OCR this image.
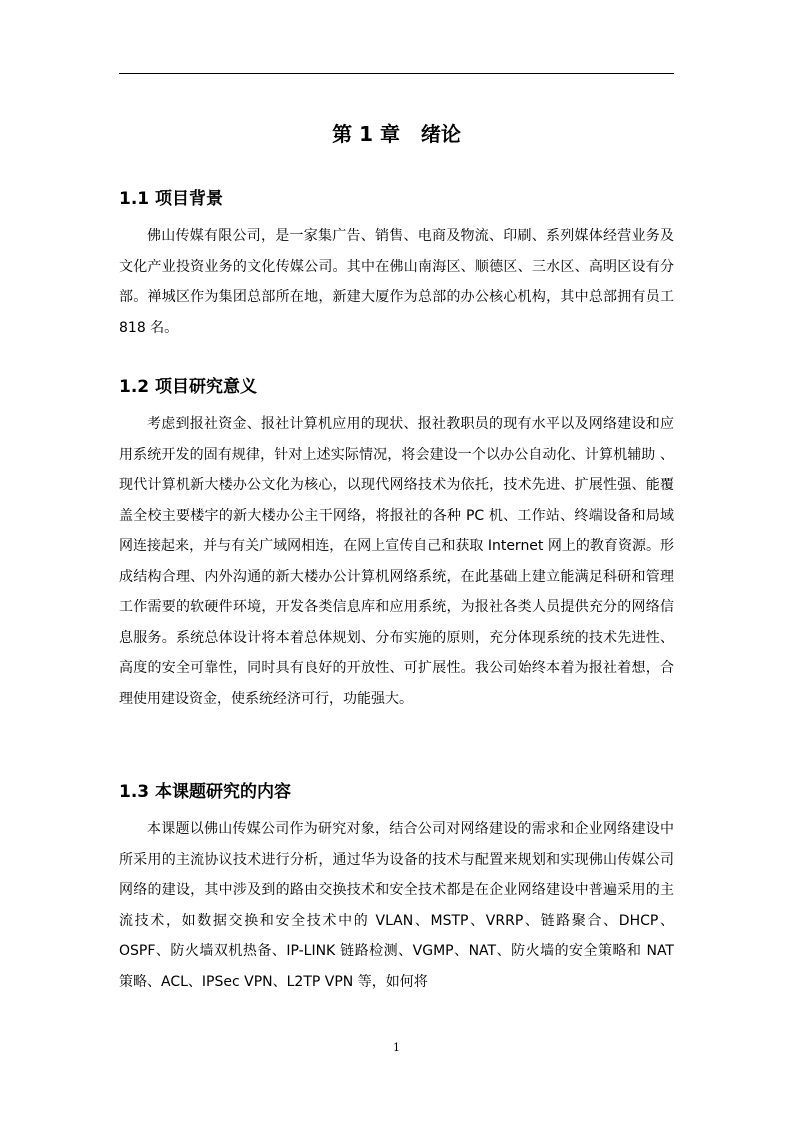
第 1 章   绪论
1.1 项目背景

佛山传媒有限公司，是一家集广告、销售、电商及物流、印刷、系列媒体经营业务及文化产业投资业务的文化传媒公司。其中在佛山南海区、顺德区、三水区、高明区设有分部。禅城区作为集团总部所在地，新建大厦作为总部的办公核心机构，其中总部拥有员工 818 名。

1.2 项目研究意义

考虑到报社资金、报社计算机应用的现状、报社教职员的现有水平以及网络建设和应用系统开发的固有规律，针对上述实际情况，将会建设一个以办公自动化、计算机辅助 、现代计算机新大楼办公文化为核心，以现代网络技术为依托，技术先进、扩展性强、能覆盖全校主要楼宇的新大楼办公主干网络，将报社的各种 PC 机、工作站、终端设备和局域网连接起来，并与有关广域网相连，在网上宣传自己和获取 Internet 网上的教育资源。形成结构合理、内外沟通的新大楼办公计算机网络系统，在此基础上建立能满足科研和管理工作需要的软硬件环境，开发各类信息库和应用系统，为报社各类人员提供充分的网络信息服务。系统总体设计将本着总体规划、分布实施的原则，充分体现系统的技术先进性、高度的安全可靠性，同时具有良好的开放性、可扩展性。我公司始终本着为报社着想，合理使用建设资金，使系统经济可行，功能强大。

1.3 本课题研究的内容

本课题以佛山传媒公司作为研究对象，结合公司对网络建设的需求和企业网络建设中所采用的主流协议技术进行分析，通过华为设备的技术与配置来规划和实现佛山传媒公司网络的建设，其中涉及到的路由交换技术和安全技术都是在企业网络建设中普遍采用的主流技术，如数据交换和安全技术中的 VLAN、MSTP、VRRP、链路聚合、DHCP、OSPF、防火墙双机热备、IP-LINK 链路检测、VGMP、NAT、防火墙的安全策略和 NAT 策略、ACL、IPSec VPN、L2TP VPN 等，如何将

1
